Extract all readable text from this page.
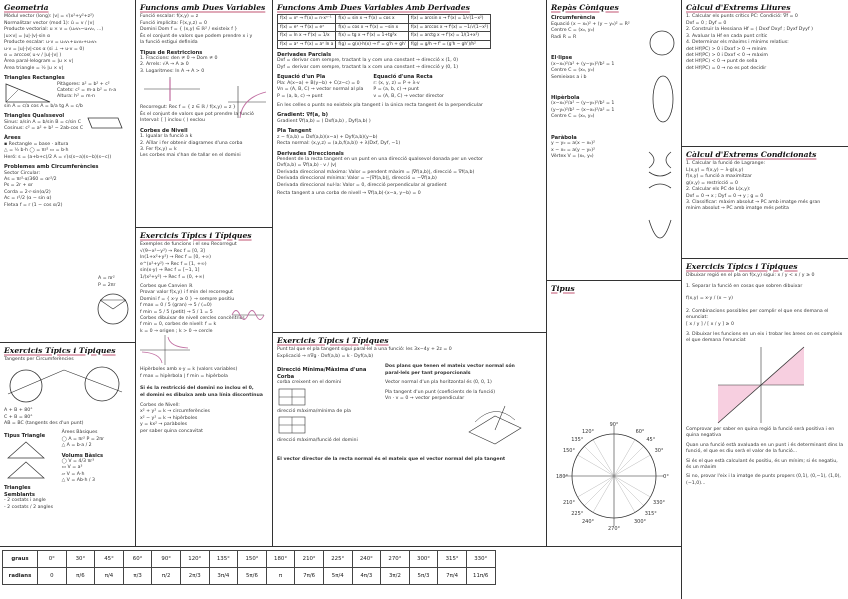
Geometria
Mòdul vector (long): |v| = √(x²+y²+z²)
Normalitzar vector (mod 1): û = v / |v|
Producte vectorial: u × v = (u₂v₃−u₃v₂, ...)
|u×v| = |u|·|v|·sin α
Producte escalar: u·v = u₁v₁+u₂v₂+u₃v₃
u·v = |u|·|v|·cos α (si ⊥ → u·v = 0)
α = arccos( u·v / |u|·|v| )
Àrea paral·lelogram = |u × v|
Àrea triangle = ½ |u × v|
Triangles Rectangles
Pitàgores: a² = b² + c²
Catets: c² = m·a b² = n·a
Altura: h² = m·n
sin A = c/a cos A = b/a tg A = c/b
Triangles Qualssevol
Sinus: a/sin A = b/sin B = c/sin C
Cosinus: c² = a² + b² − 2ab·cos C
Àrees
▪ Rectangle = base · altura
△ = ½ b·h ◯ = πr² ▭ = b·h
Heró: s = (a+b+c)/2 A = √(s(s−a)(s−b)(s−c))
Problemes amb Circumferències
Sector Circular:
As = πr²·α/360 = αr²/2
Ps = 2r + αr
Corda = 2·r·sin(α/2)
Ac = r²/2 (α − sin α)
Fletxa f = r (1 − cos α/2)
A = πr²
P = 2πr
Exercicis Típics i Típiques
Tangents per Circumferències
A + B + 80°
C + B = 80°
AB = BC (tangents des d'un punt)
Tipus Triangle
Triangles Semblants
- 2 costats i angle
- 2 costats / 2 angles
Àrees Bàsiques
◯ A = πr² P = 2πr
△ A = b·a / 2
Volums Bàsics
◯ V = 4/3 πr³
▭ V = a³
▱ V = A·h
△ V = Ab·h / 3
Funcions amb Dues Variables
Funció escalar: f(x,y) = z
Funció implícita: F(x,y,z) = 0
Domini Dom f = { (x,y) ∈ ℝ² / existeix f }
És el conjunt de valors que podem prendre x i y
la funció estigui definida
Tipus de Restriccions
1. Fraccions: den ≠ 0 → Dom ≠ 0
2. Arrels: √A → A ≥ 0
3. Logaritmes: ln A → A > 0
Recorregut: Rec f = { z ∈ ℝ / f(x,y) = z }
És el conjunt de valors que pot prendre la funció
Interval: [ ] inclou ( ) exclou
Corbes de Nivell
1. Igualar la funció a k
2. Aïllar i fer obtenir diagrames d'una corba
3. Fer f(x,y) = k
Les corbes mai s'han de tallar en el domini
Exercicis Típics i Típiques
Exemples de funcions i el seu Recorregut
√(9−x²−y²) → Rec f = [0, 3]
ln(1+x²+y²) → Rec f = [0, +∞)
e^(x²+y²) → Rec f = [1, +∞)
sin(x·y) → Rec f = [−1, 1]
1/(x²+y²) → Rec f = (0, +∞)
Corbes que Canvien ℝ
Provar valor f(x,y) i f min del recorregut
Domini f = { x·y ≥ 0 } → sempre positiu
f max = 0 / 5 (gran) → 5 / (=0)
f min = 5 / 5 (petit) → 5 / 1 = 5
Corbes dibuixar de nivell cercles concèntrics
f min = 0, corbes de nivell: f = k
k = 0 → origen ; k > 0 → cercle
Hipèrboles amb x·y = k (valors variables)
f max = hipèrbola | f min = hipèrbola
Si és la restricció del domini no inclou el 0,
el domini es dibuixa amb una línia discontínua
Corbes de Nivell:
x² + y² = k → circumferències
x² − y² = k → hipèrboles
y = kx² → paràboles
per saber quina concavitat
Funcions Amb Dues Variables Amb Derivades
f(x) = xⁿ → f'(x) = n·xⁿ⁻¹	f(x) = sin x → f'(x) = cos x	f(x) = arcsin x → f'(x) = 1/√(1−x²)
f(x) = eˣ → f'(x) = eˣ	f(x) = cos x → f'(x) = −sin x	f(x) = arccos x → f'(x) = −1/√(1−x²)
f(x) = ln x → f'(x) = 1/x	f(x) = tg x → f'(x) = 1+tg²x	f(x) = arctg x → f'(x) = 1/(1+x²)
f(x) = aˣ → f'(x) = aˣ ln a	f(g) = g(x)·h(x) → f' = g'h + gh'	f(g) = g/h → f' = (g'h − gh')/h²
Derivades Parcials
Dxf = derivar com sempre, tractant la y com una constant → direcció x (1, 0)
Dyf = derivar com sempre, tractant la x com una constant → direcció y (0, 1)
Equació d'un Pla
Pla: A(x−a) + B(y−b) + C(z−c) = 0
Vn = (A, B, C) → vector normal al pla
P = (a, b, c) → punt
Equació d'una Recta
r: (x, y, z) = P + λ·v
P = (a, b, c) → punt
v = (A, B, C) → vector director
En les celles o punts no existeix pla tangent i la única recta tangent és la perpendicular
Gradient: ∇f(a, b)
Gradient ∇f(a,b) = ( Dxf(a,b) , Dyf(a,b) )
Pla Tangent
z − f(a,b) = Dxf(a,b)(x−a) + Dyf(a,b)(y−b)
Recta normal: (x,y,z) = (a,b,f(a,b)) + λ(Dxf, Dyf, −1)
Derivades Direccionals
Pendent de la recta tangent en un punt en una direcció qualsevol donada per un vector
Dvf(a,b) = ∇f(a,b) · v / |v|
Derivada direccional màxima: Valor = pendent màxim = |∇f(a,b)|, direcció = ∇f(a,b)
Derivada direccional mínima: Valor = −|∇f(a,b)|, direcció = −∇f(a,b)
Derivada direccional nul·la: Valor = 0, direcció perpendicular al gradient
Recta tangent a una corba de nivell → ∇f(a,b)·(x−a, y−b) = 0
Exercicis Típics i Típiques
Punt tal que el pla tangent sigui paral·lel a una funció: les 3x−4y + 2z = 0
Explicació → n∇g · Dxf(a,b) = k · Dyf(a,b)
Direcció Mínima/Màxima d'una Corba
corba creixent en el domini
direcció màxima/mínima de pla
direcció màxima/funció del domini
Dos plans que tenen el mateix vector normal són paral·lels per tant proporcionals
Vector normal d'un pla horitzontal és (0, 0, 1)
Pla tangent d'un punt (coeficients de la funció)
Vn · v = 0 → vector perpendicular
El vector director de la recta normal és el mateix que el vector normal del pla tangent
Repàs Còniques
Circumferència
Equació (x − x₀)² + (y − y₀)² = R²
Centre C = (x₀, y₀)
Radi R = R
El·lipse
(x−x₀)²/a² + (y−y₀)²/b² = 1
Centre C = (x₀, y₀)
Semieixos a i b
Hipèrbola
(x−x₀)²/a² − (y−y₀)²/b² = 1
(y−y₀)²/b² − (x−x₀)²/a² = 1
Centre C = (x₀, y₀)
Paràbola
y − y₀ = a(x − x₀)²
x − x₀ = a(y − y₀)²
Vèrtex V = (x₀, y₀)
Tipus
0°
30°
45°
60°
90°
120°
135°
150°
180°
210°
225°
240°
270°
300°
315°
330°
Càlcul d'Extrems Lliures
1. Calcular els punts crítics PC: Condició: ∇f = 0
Dxf = 0 ; Dyf = 0
2. Construir la Hessiana Hf = ( Dxxf Dxyf ; Dyxf Dyyf )
3. Avaluar la Hf en cada punt crític
4. Determinar els màxims i mínims relatius:
det Hf(PC) > 0 i Dxxf > 0 → mínim
det Hf(PC) > 0 i Dxxf < 0 → màxim
det Hf(PC) < 0 → punt de sella
det Hf(PC) = 0 → no es pot decidir
Càlcul d'Extrems Condicionats
1. Calcular la funció de Lagrange:
L(x,y) = f(x,y) − λ·g(x,y)
f(x,y) = funció a maximitzar
g(x,y) = restricció = 0
2. Calcular els PC de L(x,y):
Dxf = 0 → x ; Dyf = 0 → y ; g = 0
3. Classificar: màxim absolut → PC amb imatge més gran
mínim absolut → PC amb imatge més petita
Exercicis Típics i Típiques
Dibuixar regió en el pla on f(x,y) sigui: x / y < x / y ≥ 0
1. Separar la funció en cosas que sobren dibuixar
f(x,y) = x·y / (x − y)
2. Combinacions possibles per complir el que ens demana el enunciat:
[ x / y ] / [ x / y ] ≥ 0
3. Dibuixar les funcions en un eix i trobar les àrees on es compleix el que demana l'enunciat
Comprovar per saber en quina regió la funció serà positiva i en quina negativa
Quan una funció està avaluada en un punt i és determinant dins la funció, el que es diu serà el valor de la funció...
Si és el que està calculant és positiu, és un mínim; si és negatiu, és un màxim
Si no, provar l'eix i la imatge de punts propers (0,1), (0,−1), (1,0), (−1,0)...
graus	0°	30°	45°	60°	90°	120°	135°	150°	180°	210°	225°	240°	270°	300°	315°	330°
radians	0	π/6	π/4	π/3	π/2	2π/3	3π/4	5π/6	π	7π/6	5π/4	4π/3	3π/2	5π/3	7π/4	11π/6
